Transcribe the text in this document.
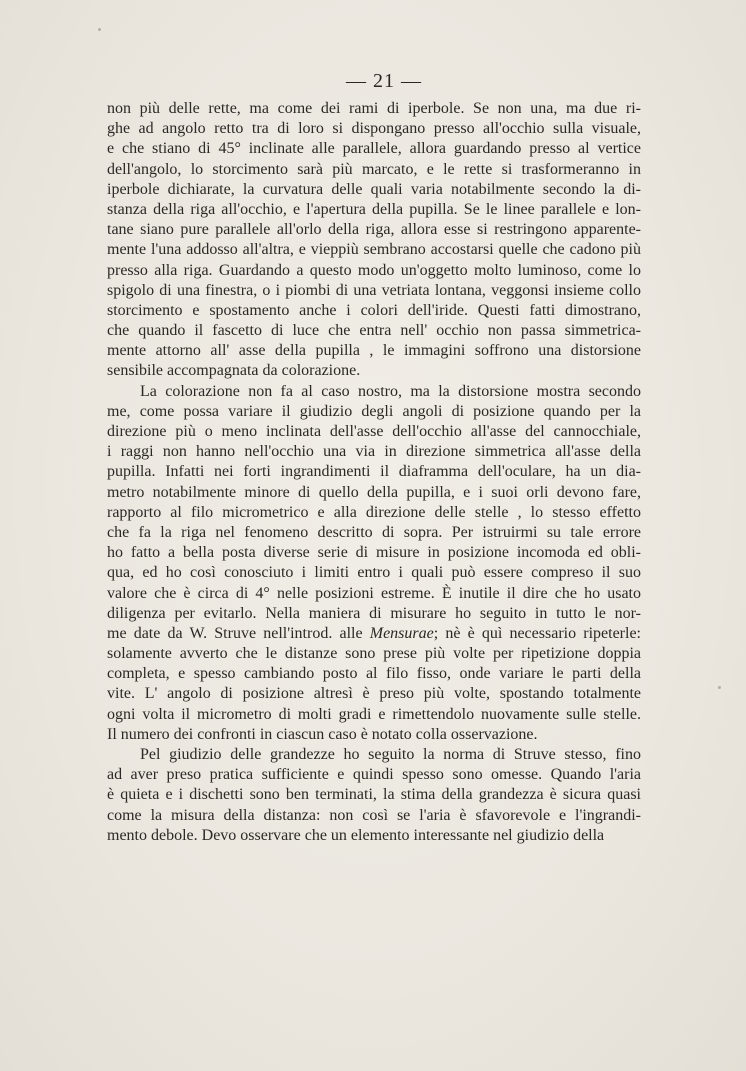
— 21 —
non più delle rette, ma come dei rami di iperbole. Se non una, ma due ri-
ghe ad angolo retto tra di loro si dispongano presso all'occhio sulla visuale,
e che stiano di 45° inclinate alle parallele, allora guardando presso al vertice
dell'angolo, lo storcimento sarà più marcato, e le rette si trasformeranno in
iperbole dichiarate, la curvatura delle quali varia notabilmente secondo la di-
stanza della riga all'occhio, e l'apertura della pupilla. Se le linee parallele e lon-
tane siano pure parallele all'orlo della riga, allora esse si restringono apparente-
mente l'una addosso all'altra, e vieppiù sembrano accostarsi quelle che cadono più
presso alla riga. Guardando a questo modo un'oggetto molto luminoso, come lo
spigolo di una finestra, o i piombi di una vetriata lontana, veggonsi insieme collo
storcimento e spostamento anche i colori dell'iride. Questi fatti dimostrano,
che quando il fascetto di luce che entra nell' occhio non passa simmetrica-
mente attorno all' asse della pupilla , le immagini soffrono una distorsione
sensibile accompagnata da colorazione.
La colorazione non fa al caso nostro, ma la distorsione mostra secondo
me, come possa variare il giudizio degli angoli di posizione quando per la
direzione più o meno inclinata dell'asse dell'occhio all'asse del cannocchiale,
i raggi non hanno nell'occhio una via in direzione simmetrica all'asse della
pupilla. Infatti nei forti ingrandimenti il diaframma dell'oculare, ha un dia-
metro notabilmente minore di quello della pupilla, e i suoi orli devono fare,
rapporto al filo micrometrico e alla direzione delle stelle , lo stesso effetto
che fa la riga nel fenomeno descritto di sopra. Per istruirmi su tale errore
ho fatto a bella posta diverse serie di misure in posizione incomoda ed obli-
qua, ed ho così conosciuto i limiti entro i quali può essere compreso il suo
valore che è circa di 4° nelle posizioni estreme. È inutile il dire che ho usato
diligenza per evitarlo. Nella maniera di misurare ho seguito in tutto le nor-
me date da W. Struve nell'introd. alle Mensurae; nè è quì necessario ripeterle:
solamente avverto che le distanze sono prese più volte per ripetizione doppia
completa, e spesso cambiando posto al filo fisso, onde variare le parti della
vite. L' angolo di posizione altresì è preso più volte, spostando totalmente
ogni volta il micrometro di molti gradi e rimettendolo nuovamente sulle stelle.
Il numero dei confronti in ciascun caso è notato colla osservazione.
Pel giudizio delle grandezze ho seguito la norma di Struve stesso, fino
ad aver preso pratica sufficiente e quindi spesso sono omesse. Quando l'aria
è quieta e i dischetti sono ben terminati, la stima della grandezza è sicura quasi
come la misura della distanza: non così se l'aria è sfavorevole e l'ingrandi-
mento debole. Devo osservare che un elemento interessante nel giudizio della
